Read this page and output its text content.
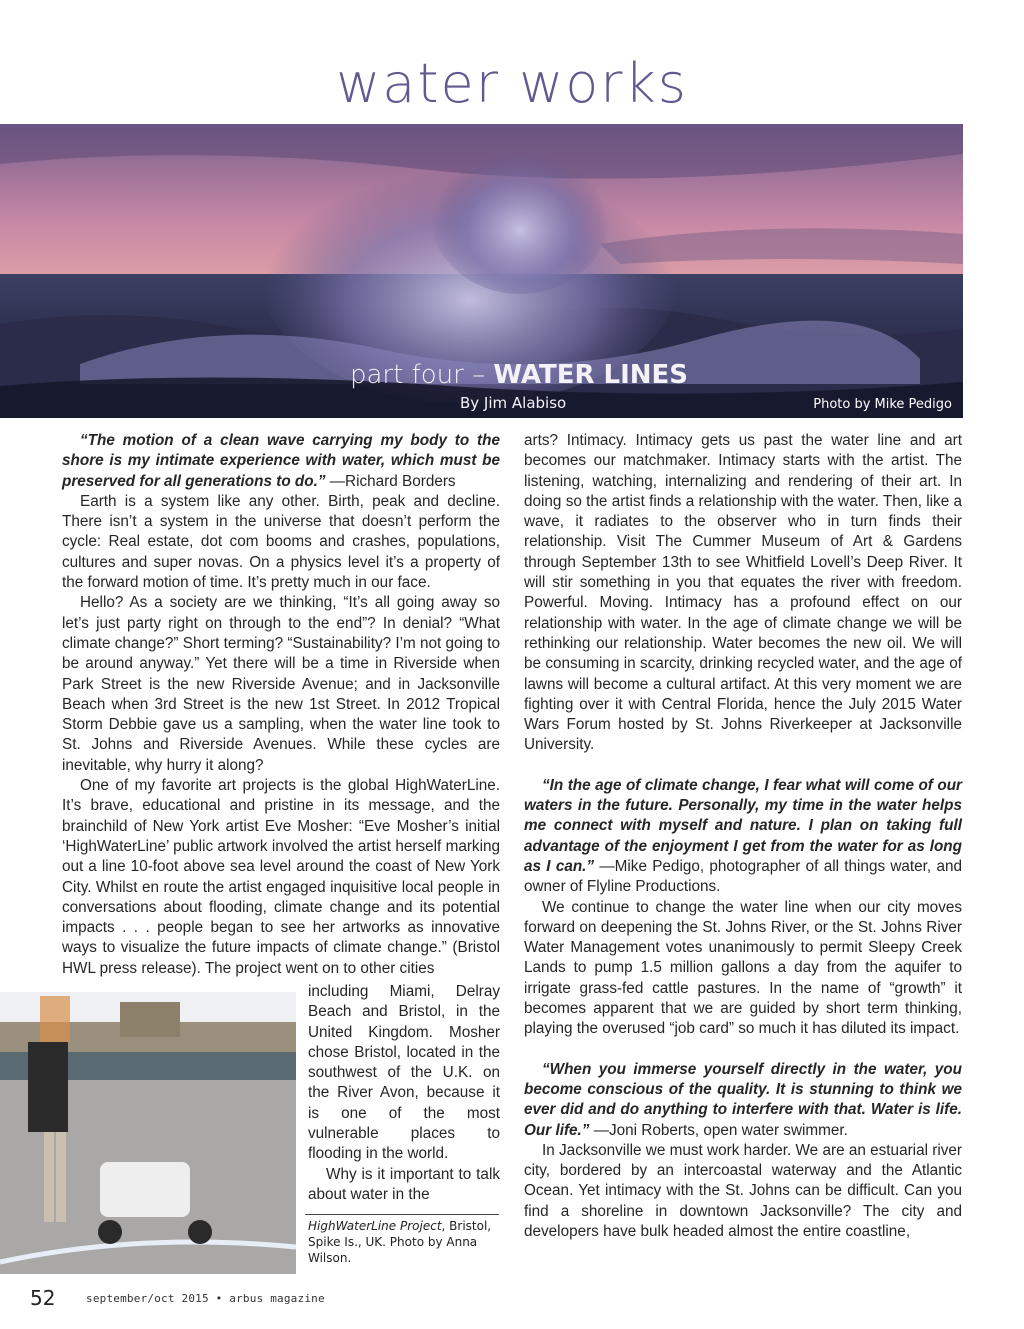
water works
part four – WATER LINES
By Jim Alabiso	Photo by Mike Pedigo

“The motion of a clean wave carrying my body to the shore is my intimate experience with water, which must be preserved for all generations to do.” —Richard Borders

Earth is a system like any other. Birth, peak and decline. There isn’t a system in the universe that doesn’t perform the cycle: Real estate, dot com booms and crashes, populations, cultures and super novas. On a physics level it’s a property of the forward motion of time. It’s pretty much in our face.

Hello? As a society are we thinking, “It’s all going away so let’s just party right on through to the end”? In denial? “What climate change?” Short terming? “Sustainability? I’m not going to be around anyway.” Yet there will be a time in Riverside when Park Street is the new Riverside Avenue; and in Jacksonville Beach when 3rd Street is the new 1st Street. In 2012 Tropical Storm Debbie gave us a sampling, when the water line took to St. Johns and Riverside Avenues. While these cycles are inevitable, why hurry it along?

One of my favorite art projects is the global HighWaterLine. It’s brave, educational and pristine in its message, and the brainchild of New York artist Eve Mosher: “Eve Mosher’s initial ‘HighWaterLine’ public artwork involved the artist herself marking out a line 10-foot above sea level around the coast of New York City. Whilst en route the artist engaged inquisitive local people in conversations about flooding, climate change and its potential impacts . . . people began to see her artworks as innovative ways to visualize the future impacts of climate change.” (Bristol HWL press release). The project went on to other cities

including Miami, Delray Beach and Bristol, in the United Kingdom. Mosher chose Bristol, located in the southwest of the U.K. on the River Avon, because it is one of the most vulnerable places to flooding in the world.

Why is it important to talk about water in the

HighWaterLine Project, Bristol, Spike Is., UK. Photo by Anna Wilson.

arts? Intimacy. Intimacy gets us past the water line and art becomes our matchmaker. Intimacy starts with the artist. The listening, watching, internalizing and rendering of their art. In doing so the artist finds a relationship with the water. Then, like a wave, it radiates to the observer who in turn finds their relationship. Visit The Cummer Museum of Art & Gardens through September 13th to see Whitfield Lovell’s Deep River. It will stir something in you that equates the river with freedom. Powerful. Moving. Intimacy has a profound effect on our relationship with water. In the age of climate change we will be rethinking our relationship. Water becomes the new oil. We will be consuming in scarcity, drinking recycled water, and the age of lawns will become a cultural artifact. At this very moment we are fighting over it with Central Florida, hence the July 2015 Water Wars Forum hosted by St. Johns Riverkeeper at Jacksonville University.

“In the age of climate change, I fear what will come of our waters in the future. Personally, my time in the water helps me connect with myself and nature. I plan on taking full advantage of the enjoyment I get from the water for as long as I can.” —Mike Pedigo, photographer of all things water, and owner of Flyline Productions.

We continue to change the water line when our city moves forward on deepening the St. Johns River, or the St. Johns River Water Management votes unanimously to permit Sleepy Creek Lands to pump 1.5 million gallons a day from the aquifer to irrigate grass-fed cattle pastures. In the name of “growth” it becomes apparent that we are guided by short term thinking, playing the overused “job card” so much it has diluted its impact.

“When you immerse yourself directly in the water, you become conscious of the quality. It is stunning to think we ever did and do anything to interfere with that. Water is life. Our life.” —Joni Roberts, open water swimmer.

In Jacksonville we must work harder. We are an estuarial river city, bordered by an intercoastal waterway and the Atlantic Ocean. Yet intimacy with the St. Johns can be difficult. Can you find a shoreline in downtown Jacksonville? The city and developers have bulk headed almost the entire coastline,

52	september/oct 2015 • arbus magazine
